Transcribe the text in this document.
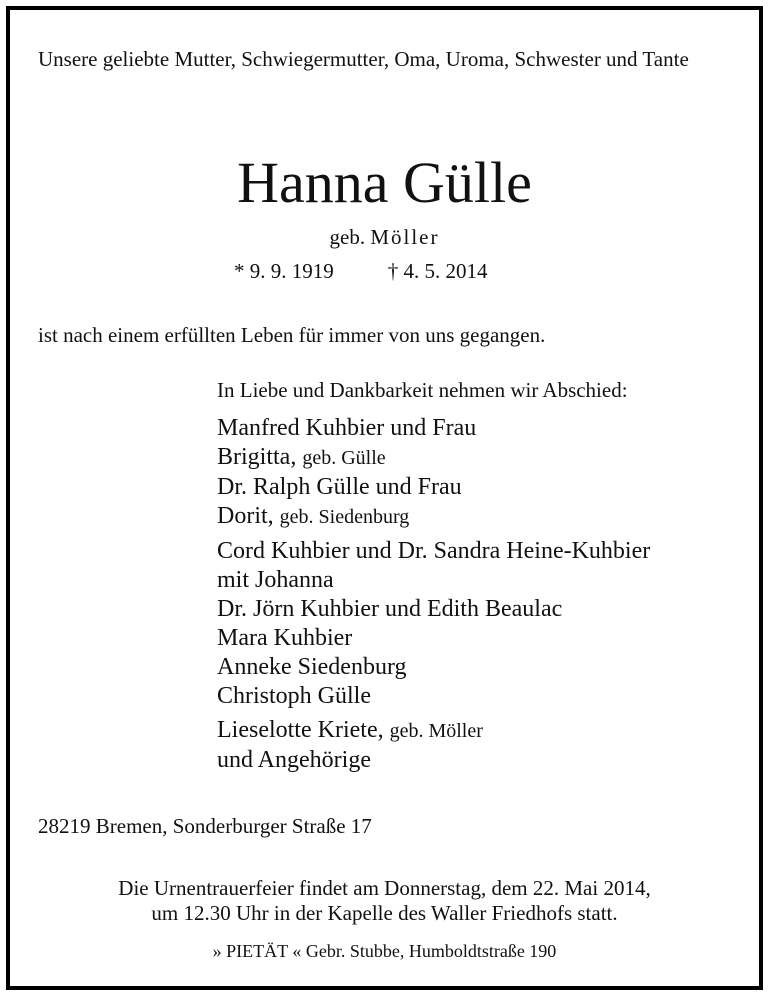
Unsere geliebte Mutter, Schwiegermutter, Oma, Uroma, Schwester und Tante
Hanna Gülle
geb. Möller
* 9. 9. 1919	† 4. 5. 2014
ist nach einem erfüllten Leben für immer von uns gegangen.
In Liebe und Dankbarkeit nehmen wir Abschied:
Manfred Kuhbier und Frau
Brigitta, geb. Gülle
Dr. Ralph Gülle und Frau
Dorit, geb. Siedenburg
Cord Kuhbier und Dr. Sandra Heine-Kuhbier
mit Johanna
Dr. Jörn Kuhbier und Edith Beaulac
Mara Kuhbier
Anneke Siedenburg
Christoph Gülle
Lieselotte Kriete, geb. Möller
und Angehörige
28219 Bremen, Sonderburger Straße 17
Die Urnentrauerfeier findet am Donnerstag, dem 22. Mai 2014,
um 12.30 Uhr in der Kapelle des Waller Friedhofs statt.
» PIETÄT « Gebr. Stubbe, Humboldtstraße 190
